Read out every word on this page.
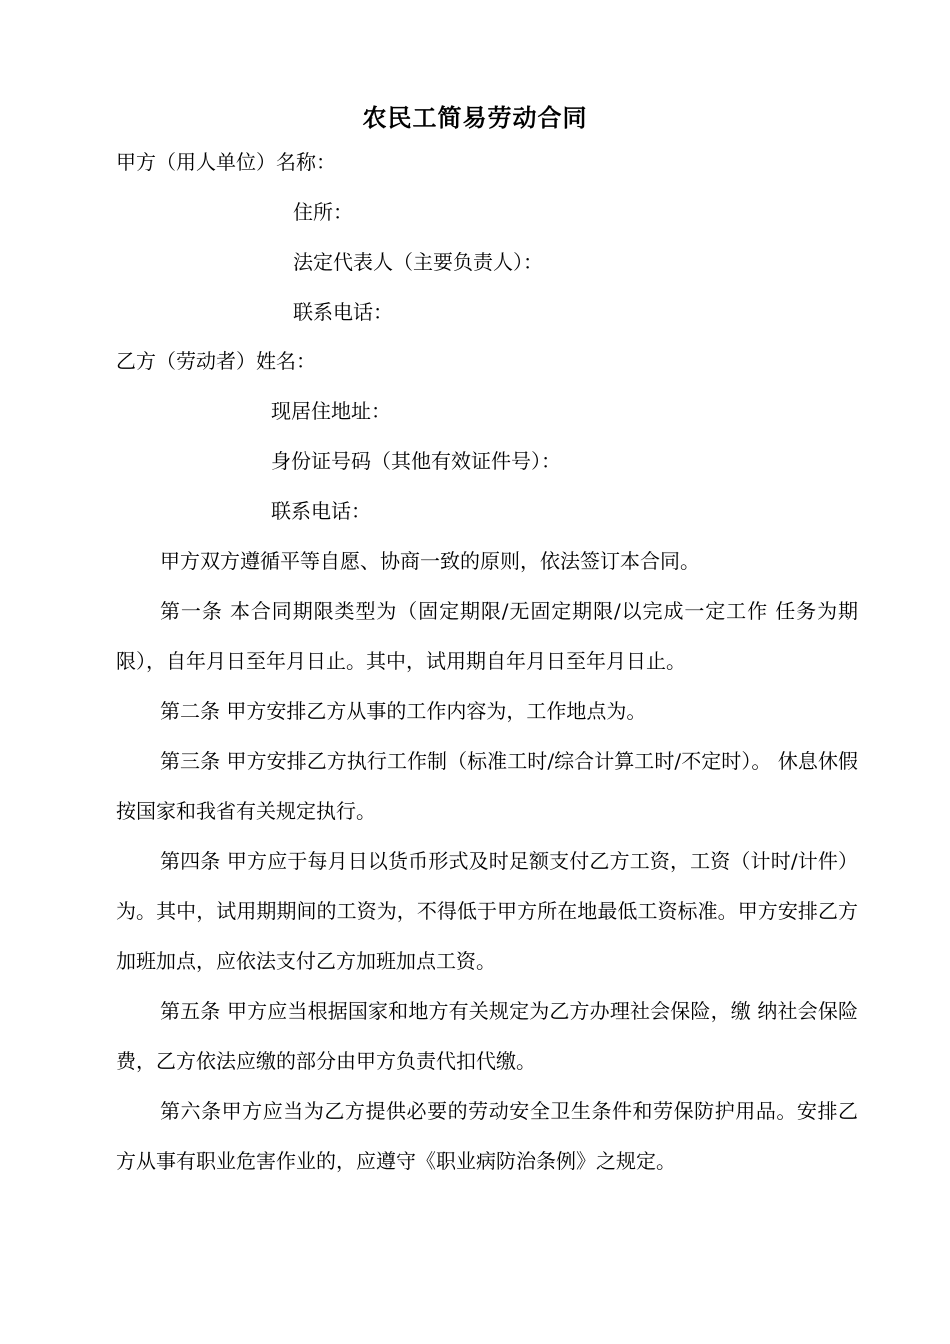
农民工简易劳动合同
甲方（用人单位）名称：
住所：
法定代表人（主要负责人）：
联系电话：
乙方（劳动者）姓名：
现居住地址：
身份证号码（其他有效证件号）：
联系电话：
甲方双方遵循平等自愿、协商一致的原则，依法签订本合同。
第一条 本合同期限类型为（固定期限/无固定期限/以完成一定工作 任务为期限），自年月日至年月日止。其中，试用期自年月日至年月日止。
第二条 甲方安排乙方从事的工作内容为，工作地点为。
第三条 甲方安排乙方执行工作制（标准工时/综合计算工时/不定时）。 休息休假按国家和我省有关规定执行。
第四条 甲方应于每月日以货币形式及时足额支付乙方工资，工资（计时/计件）为。其中，试用期期间的工资为，不得低于甲方所在地最低工资标准。甲方安排乙方加班加点，应依法支付乙方加班加点工资。
第五条 甲方应当根据国家和地方有关规定为乙方办理社会保险，缴 纳社会保险费，乙方依法应缴的部分由甲方负责代扣代缴。
第六条甲方应当为乙方提供必要的劳动安全卫生条件和劳保防护用品。安排乙方从事有职业危害作业的，应遵守《职业病防治条例》之规定。
